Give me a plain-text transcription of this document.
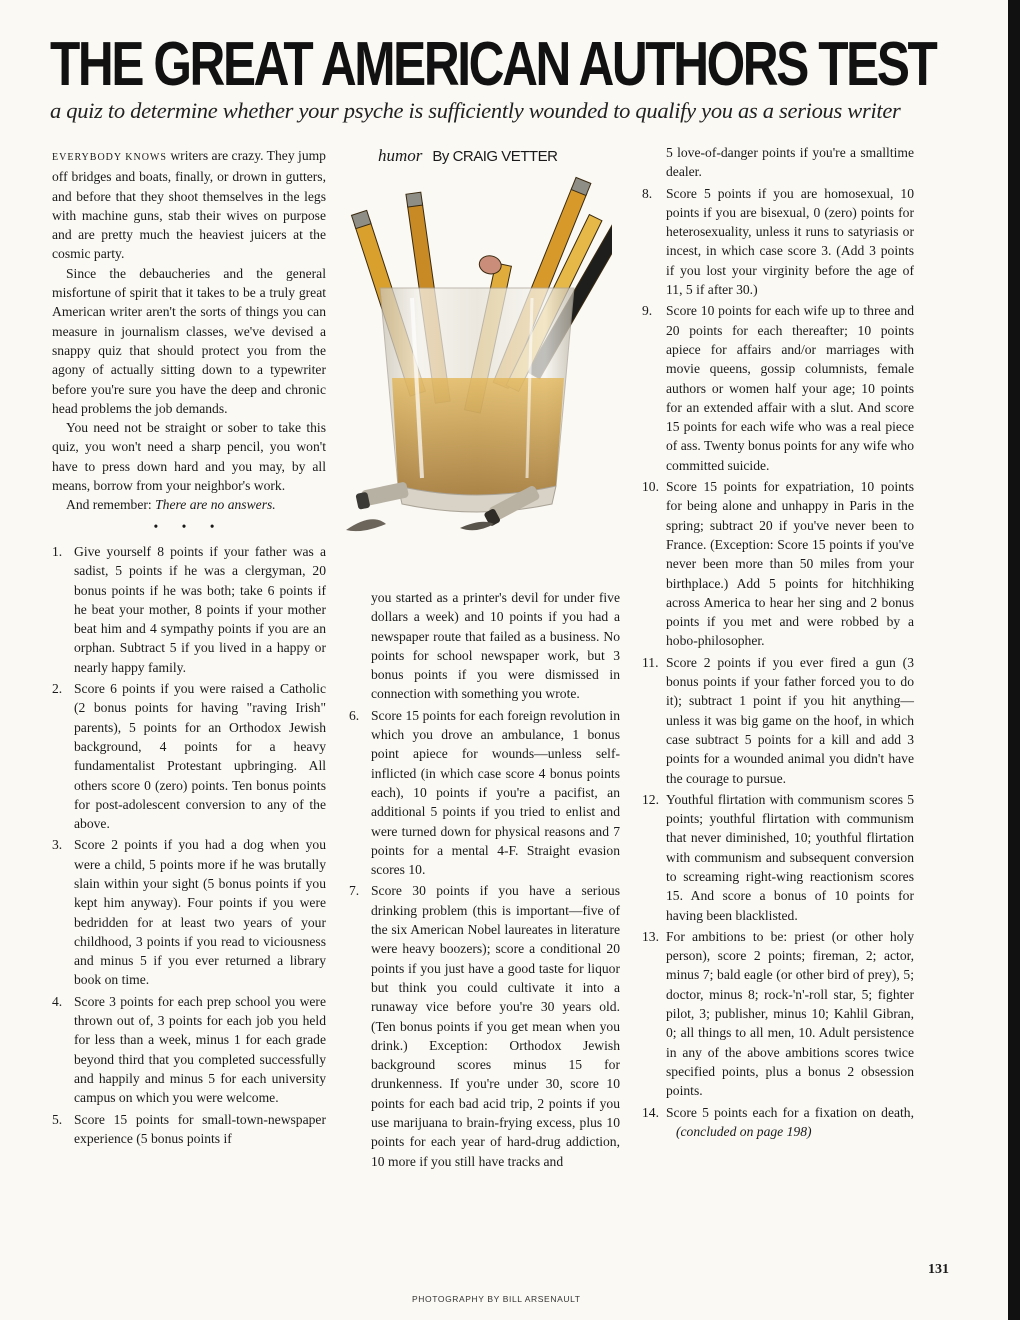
THE GREAT AMERICAN AUTHORS TEST

a quiz to determine whether your psyche is sufficiently wounded to qualify you as a serious writer

EVERYBODY KNOWS writers are crazy. They jump off bridges and boats, finally, or drown in gutters, and before that they shoot themselves in the legs with machine guns, stab their wives on purpose and are pretty much the heaviest juicers at the cosmic party.

Since the debaucheries and the general misfortune of spirit that it takes to be a truly great American writer aren't the sorts of things you can measure in journalism classes, we've devised a snappy quiz that should protect you from the agony of actually sitting down to a typewriter before you're sure you have the deep and chronic head problems the job demands.

You need not be straight or sober to take this quiz, you won't need a sharp pencil, you won't have to press down hard and you may, by all means, borrow from your neighbor's work.

And remember: There are no answers.

• • •
1. Give yourself 8 points if your father was a sadist, 5 points if he was a clergyman, 20 bonus points if he was both; take 6 points if he beat your mother, 8 points if your mother beat him and 4 sympathy points if you are an orphan. Subtract 5 if you lived in a happy or nearly happy family.
2. Score 6 points if you were raised a Catholic (2 bonus points for having "raving Irish" parents), 5 points for an Orthodox Jewish background, 4 points for a heavy fundamentalist Protestant upbringing. All others score 0 (zero) points. Ten bonus points for post-adolescent conversion to any of the above.
3. Score 2 points if you had a dog when you were a child, 5 points more if he was brutally slain within your sight (5 bonus points if you kept him anyway). Four points if you were bedridden for at least two years of your childhood, 3 points if you read to viciousness and minus 5 if you ever returned a library book on time.
4. Score 3 points for each prep school you were thrown out of, 3 points for each job you held for less than a week, minus 1 for each grade beyond third that you completed successfully and happily and minus 5 for each university campus on which you were welcome.
5. Score 15 points for small-town-newspaper experience (5 bonus points if
humor By CRAIG VETTER
you started as a printer's devil for under five dollars a week) and 10 points if you had a newspaper route that failed as a business. No points for school newspaper work, but 3 bonus points if you were dismissed in connection with something you wrote.
6. Score 15 points for each foreign revolution in which you drove an ambulance, 1 bonus point apiece for wounds—unless self-inflicted (in which case score 4 bonus points each), 10 points if you're a pacifist, an additional 5 points if you tried to enlist and were turned down for physical reasons and 7 points for a mental 4-F. Straight evasion scores 10.
7. Score 30 points if you have a serious drinking problem (this is important—five of the six American Nobel laureates in literature were heavy boozers); score a conditional 20 points if you just have a good taste for liquor but think you could cultivate it into a runaway vice before you're 30 years old. (Ten bonus points if you get mean when you drink.) Exception: Orthodox Jewish background scores minus 15 for drunkenness. If you're under 30, score 10 points for each bad acid trip, 2 points if you use marijuana to brain-frying excess, plus 10 points for each year of hard-drug addiction, 10 more if you still have tracks and
5 love-of-danger points if you're a smalltime dealer.
8. Score 5 points if you are homosexual, 10 points if you are bisexual, 0 (zero) points for heterosexuality, unless it runs to satyriasis or incest, in which case score 3. (Add 3 points if you lost your virginity before the age of 11, 5 if after 30.)
9. Score 10 points for each wife up to three and 20 points for each thereafter; 10 points apiece for affairs and/or marriages with movie queens, gossip columnists, female authors or women half your age; 10 points for an extended affair with a slut. And score 15 points for each wife who was a real piece of ass. Twenty bonus points for any wife who committed suicide.
10. Score 15 points for expatriation, 10 points for being alone and unhappy in Paris in the spring; subtract 20 if you've never been to France. (Exception: Score 15 points if you've never been more than 50 miles from your birthplace.) Add 5 points for hitchhiking across America to hear her sing and 2 bonus points if you met and were robbed by a hobo-philosopher.
11. Score 2 points if you ever fired a gun (3 bonus points if your father forced you to do it); subtract 1 point if you hit anything—unless it was big game on the hoof, in which case subtract 5 points for a kill and add 3 points for a wounded animal you didn't have the courage to pursue.
12. Youthful flirtation with communism scores 5 points; youthful flirtation with communism that never diminished, 10; youthful flirtation with communism and subsequent conversion to screaming right-wing reactionism scores 15. And score a bonus of 10 points for having been blacklisted.
13. For ambitions to be: priest (or other holy person), score 2 points; fireman, 2; actor, minus 7; bald eagle (or other bird of prey), 5; doctor, minus 8; rock-'n'-roll star, 5; fighter pilot, 3; publisher, minus 10; Kahlil Gibran, 0; all things to all men, 10. Adult persistence in any of the above ambitions scores twice specified points, plus a bonus 2 obsession points.
14. Score 5 points each for a fixation on death,(concluded on page 198)
131
PHOTOGRAPHY BY BILL ARSENAULT
